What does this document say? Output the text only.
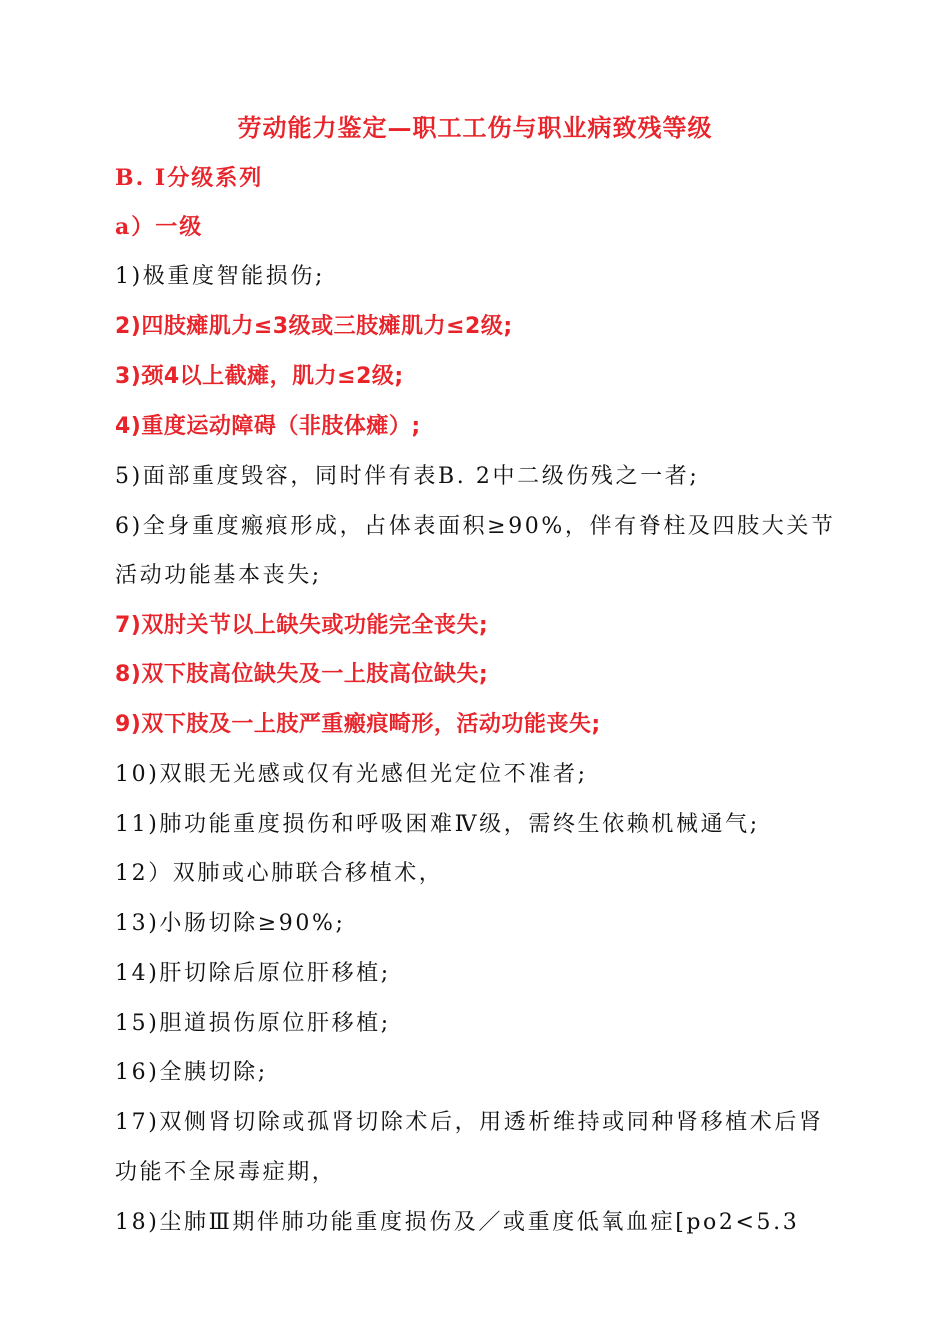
劳动能力鉴定—职工工伤与职业病致残等级
B. Ⅰ分级系列
a）一级
1)极重度智能损伤;
2)四肢瘫肌力≤3级或三肢瘫肌力≤2级;
3)颈4以上截瘫，肌力≤2级;
4)重度运动障碍（非肢体瘫）;
5)面部重度毁容，同时伴有表B. 2中二级伤残之一者;
6)全身重度瘢痕形成，占体表面积≥90%，伴有脊柱及四肢大关节
活动功能基本丧失;
7)双肘关节以上缺失或功能完全丧失;
8)双下肢高位缺失及一上肢高位缺失;
9)双下肢及一上肢严重瘢痕畸形，活动功能丧失;
10)双眼无光感或仅有光感但光定位不准者;
11)肺功能重度损伤和呼吸困难Ⅳ级，需终生依赖机械通气;
12）双肺或心肺联合移植术，
13)小肠切除≥90%;
14)肝切除后原位肝移植;
15)胆道损伤原位肝移植;
16)全胰切除;
17)双侧肾切除或孤肾切除术后，用透析维持或同种肾移植术后肾
功能不全尿毒症期，
18)尘肺Ⅲ期伴肺功能重度损伤及／或重度低氧血症[po2<5.3
